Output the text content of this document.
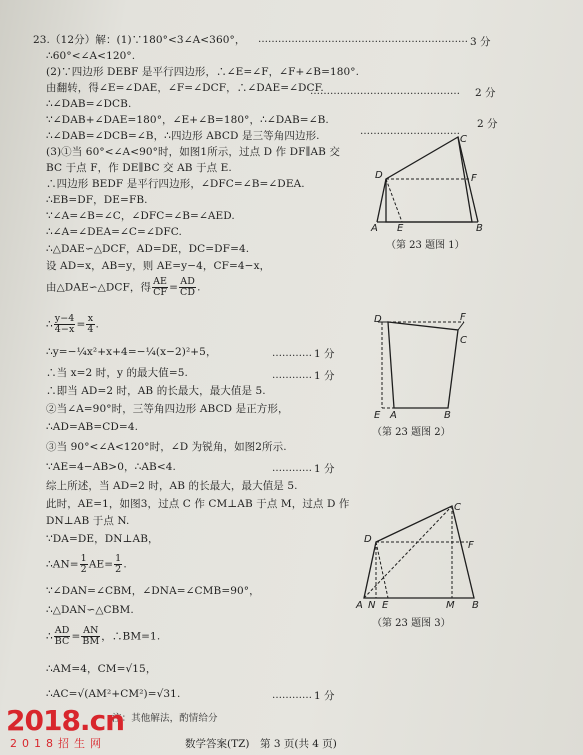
23.（12分）解：(1)∵180°<3∠A<360°， ……………………………………………………… 3 分
∴60°<∠A<120°.
(2)∵四边形 DEBF 是平行四边形，∴∠E=∠F，∠F+∠B=180°.
由翻转，得∠E=∠DAE，∠F=∠DCF，∴∠DAE=∠DCF.
……………………………………… 2 分
∴∠DAB=∠DCB.
∵∠DAB+∠DAE=180°，∠E+∠B=180°，∴∠DAB=∠B.
∴∠DAB=∠DCB=∠B，∴四边形 ABCD 是三等角四边形.	…………………………
2 分
(3)①当 60°<∠A<90°时，如图1所示，过点 D 作 DF∥AB 交
BC 于点 F，作 DE∥BC 交 AB 于点 E.
∴四边形 BEDF 是平行四边形，∠DFC=∠B=∠DEA.
∴EB=DF，DE=FB.
∵∠A=∠B=∠C，∠DFC=∠B=∠AED.
∴∠A=∠DEA=∠C=∠DFC.
∴△DAE∽△DCF，AD=DE，DC=DF=4.
设 AD=x，AB=y，则 AE=y−4，CF=4−x，
由△DAE∽△DCF，得 $\frac{AE}{CF} = \frac{AD}{CD}$ .
∴ $\frac{y-4}{4-x} = \frac{x}{4}$ .
∴y=−¼x²+x+4=−¼(x−2)²+5，	………… 1 分
∴当 x=2 时，y 的最大值=5.	………… 1 分
∴即当 AD=2 时，AB 的长最大，最大值是 5.
②当∠A=90°时，三等角四边形 ABCD 是正方形，
∴AD=AB=CD=4.
③当 90°<∠A<120°时，∠D 为锐角，如图2所示.
∵AE=4−AB>0，∴AB<4.	………… 1 分
综上所述，当 AD=2 时，AB 的长最大，最大值是 5.
此时，AE=1，如图3，过点 C 作 CM⊥AB 于点 M，过点 D 作
DN⊥AB 于点 N.
∵DA=DE，DN⊥AB，
∴AN= $\frac{1}{2} AE= \frac{1}{2}$ .
∵∠DAN=∠CBM，∠DNA=∠CMB=90°，
∴△DAN∽△CBM.
∴ $\frac{AD}{BC} = \frac{AN}{BM}$ ，∴BM=1.
∴AM=4，CM=√15，
∴AC=√(AM²+CM²)=√31.	………… 1 分
注：其他解法，酌情给分
D	F
C
A E	B
（第 23 题图 1）
D	F
C
E A	B
（第 23 题图 2）
D
C
F
A N E	M B
（第 23 题图 3）
2018.cn
2018招生网	数学答案(TZ)　第 3 页(共 4 页)
